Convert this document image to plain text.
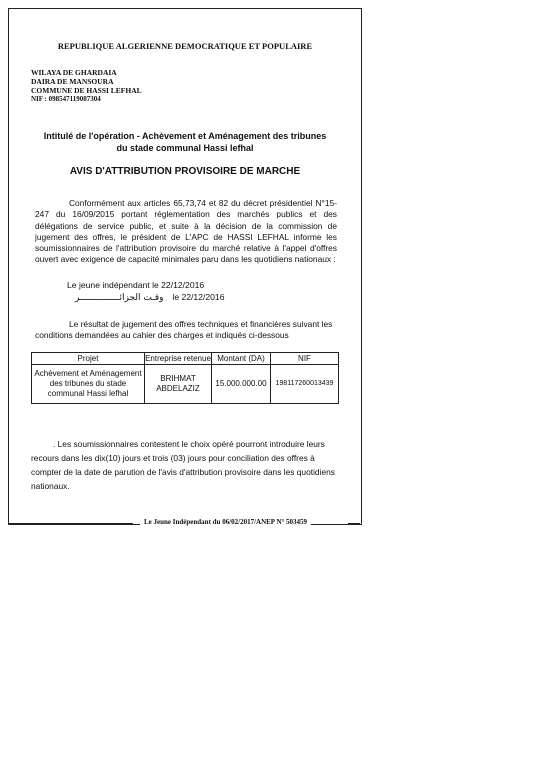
REPUBLIQUE ALGERIENNE DEMOCRATIQUE ET POPULAIRE
WILAYA DE GHARDAIA
DAIRA DE MANSOURA
COMMUNE DE HASSI LEFHAL
NIF : 098547119087304
Intitulé de l'opération - Achèvement et Aménagement des tribunes du stade communal Hassi lefhal
AVIS D'ATTRIBUTION PROVISOIRE DE MARCHE
Conformément aux articles 65,73,74 et 82 du décret présidentiel N°15-247 du 16/09/2015 portant réglementation des marchés publics et des délégations de service public, et suite à la décision de la commission de jugement des offres, le président de L'APC de HASSI LEFHAL informe les soumissionnaires de l'attribution provisoire du marché relative à l'appel d'offres ouvert avec exigence de capacité minimales paru dans les quotidiens nationaux :
Le jeune indépendant le 22/12/2016
وقـت الجزائـــــــــــــــر le 22/12/2016
Le résultat de jugement des offres techniques et financières suivant les conditions demandées au cahier des charges et indiqués ci-dessous
Projet	Entreprise retenue	Montant (DA)	NIF
Achèvement et Aménagement des tribunes du stade communal Hassi lefhal	BRIHMAT ABDELAZIZ	15.000.000.00	198117260013439
. Les soumissionnaires contestent le choix opéré pourront introduire leurs recours dans les dix(10) jours et trois (03) jours pour conciliation des offres à compter de la date de parution de l'avis d'attribution provisoire dans les quotidiens nationaux.
Le Jeune Indépendant du 06/02/2017/ANEP N° 503459
